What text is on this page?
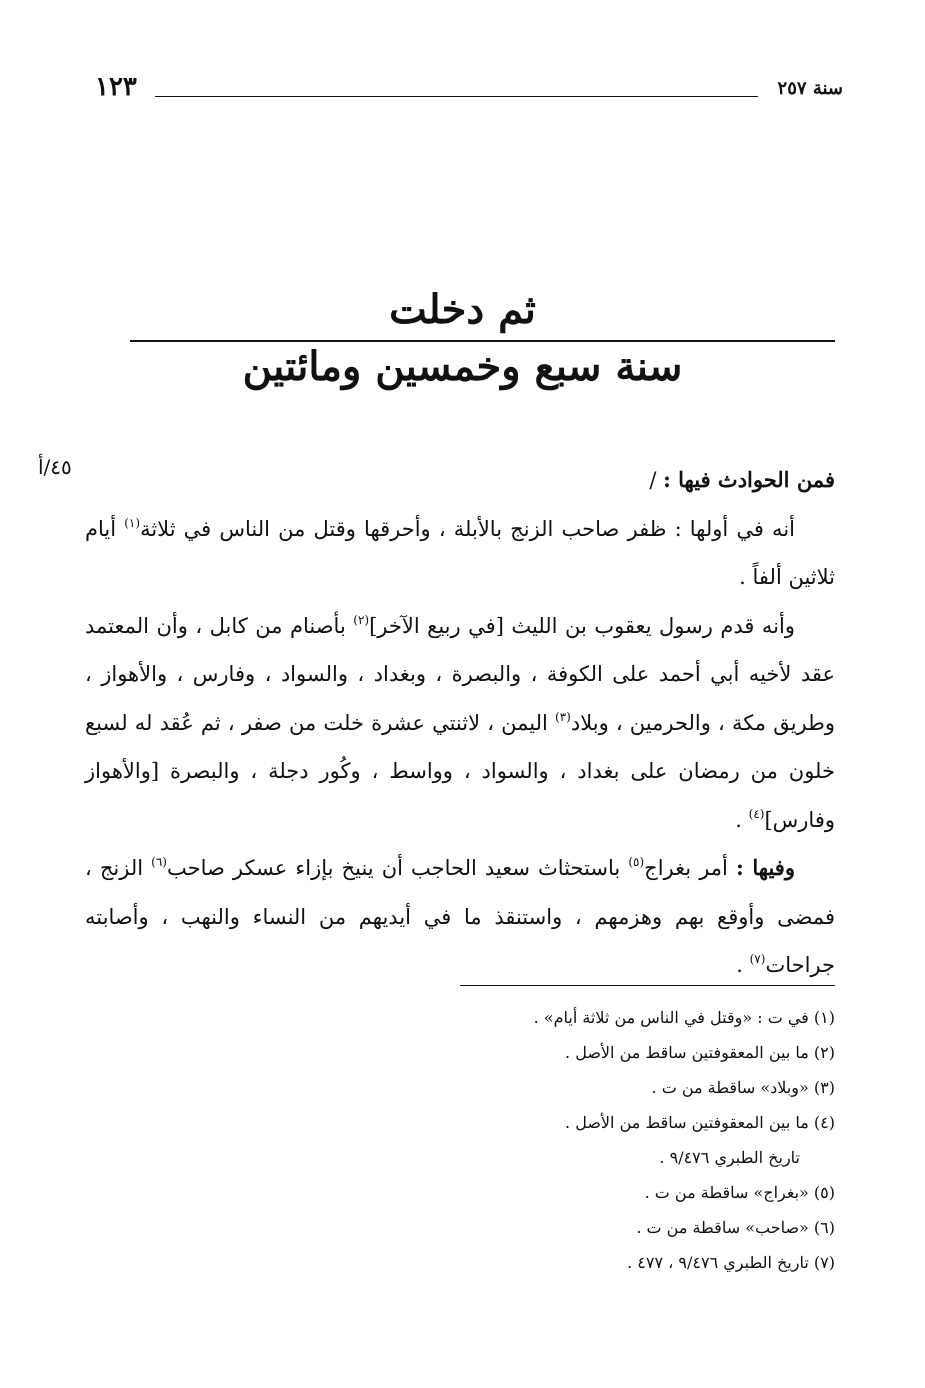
سنة ٢٥٧
١٢٣
ثم دخلت
سنة سبع وخمسين ومائتين
٤٥/أ	فمن الحوادث فيها : /

أنه في أولها : ظفر صاحب الزنج بالأبلة ، وأحرقها وقتل من الناس في ثلاثة$^{(١)}$ أيام ثلاثين ألفاً .

وأنه قدم رسول يعقوب بن الليث [في ربيع الآخر]$^{(٢)}$ بأصنام من كابل ، وأن المعتمد عقد لأخيه أبي أحمد على الكوفة ، والبصرة ، وبغداد ، والسواد ، وفارس ، والأهواز ، وطريق مكة ، والحرمين ، وبلاد$^{(٣)}$ اليمن ، لاثنتي عشرة خلت من صفر ، ثم عُقد له لسبع خلون من رمضان على بغداد ، والسواد ، وواسط ، وكُور دجلة ، والبصرة [والأهواز وفارس]$^{(٤)}$ .

وفيها : أمر بغراج$^{(٥)}$ باستحثاث سعيد الحاجب أن ينيخ بإزاء عسكر صاحب$^{(٦)}$ الزنج ، فمضى وأوقع بهم وهزمهم ، واستنقذ ما في أيديهم من النساء والنهب ، وأصابته جراحات$^{(٧)}$ .

(١) في ت : «وقتل في الناس من ثلاثة أيام» .
(٢) ما بين المعقوفتين ساقط من الأصل .
(٣) «وبلاد» ساقطة من ت .
(٤) ما بين المعقوفتين ساقط من الأصل .
تاريخ الطبري ٩/٤٧٦ .
(٥) «بغراج» ساقطة من ت .
(٦) «صاحب» ساقطة من ت .
(٧) تاريخ الطبري ٩/٤٧٦ ، ٤٧٧ .
